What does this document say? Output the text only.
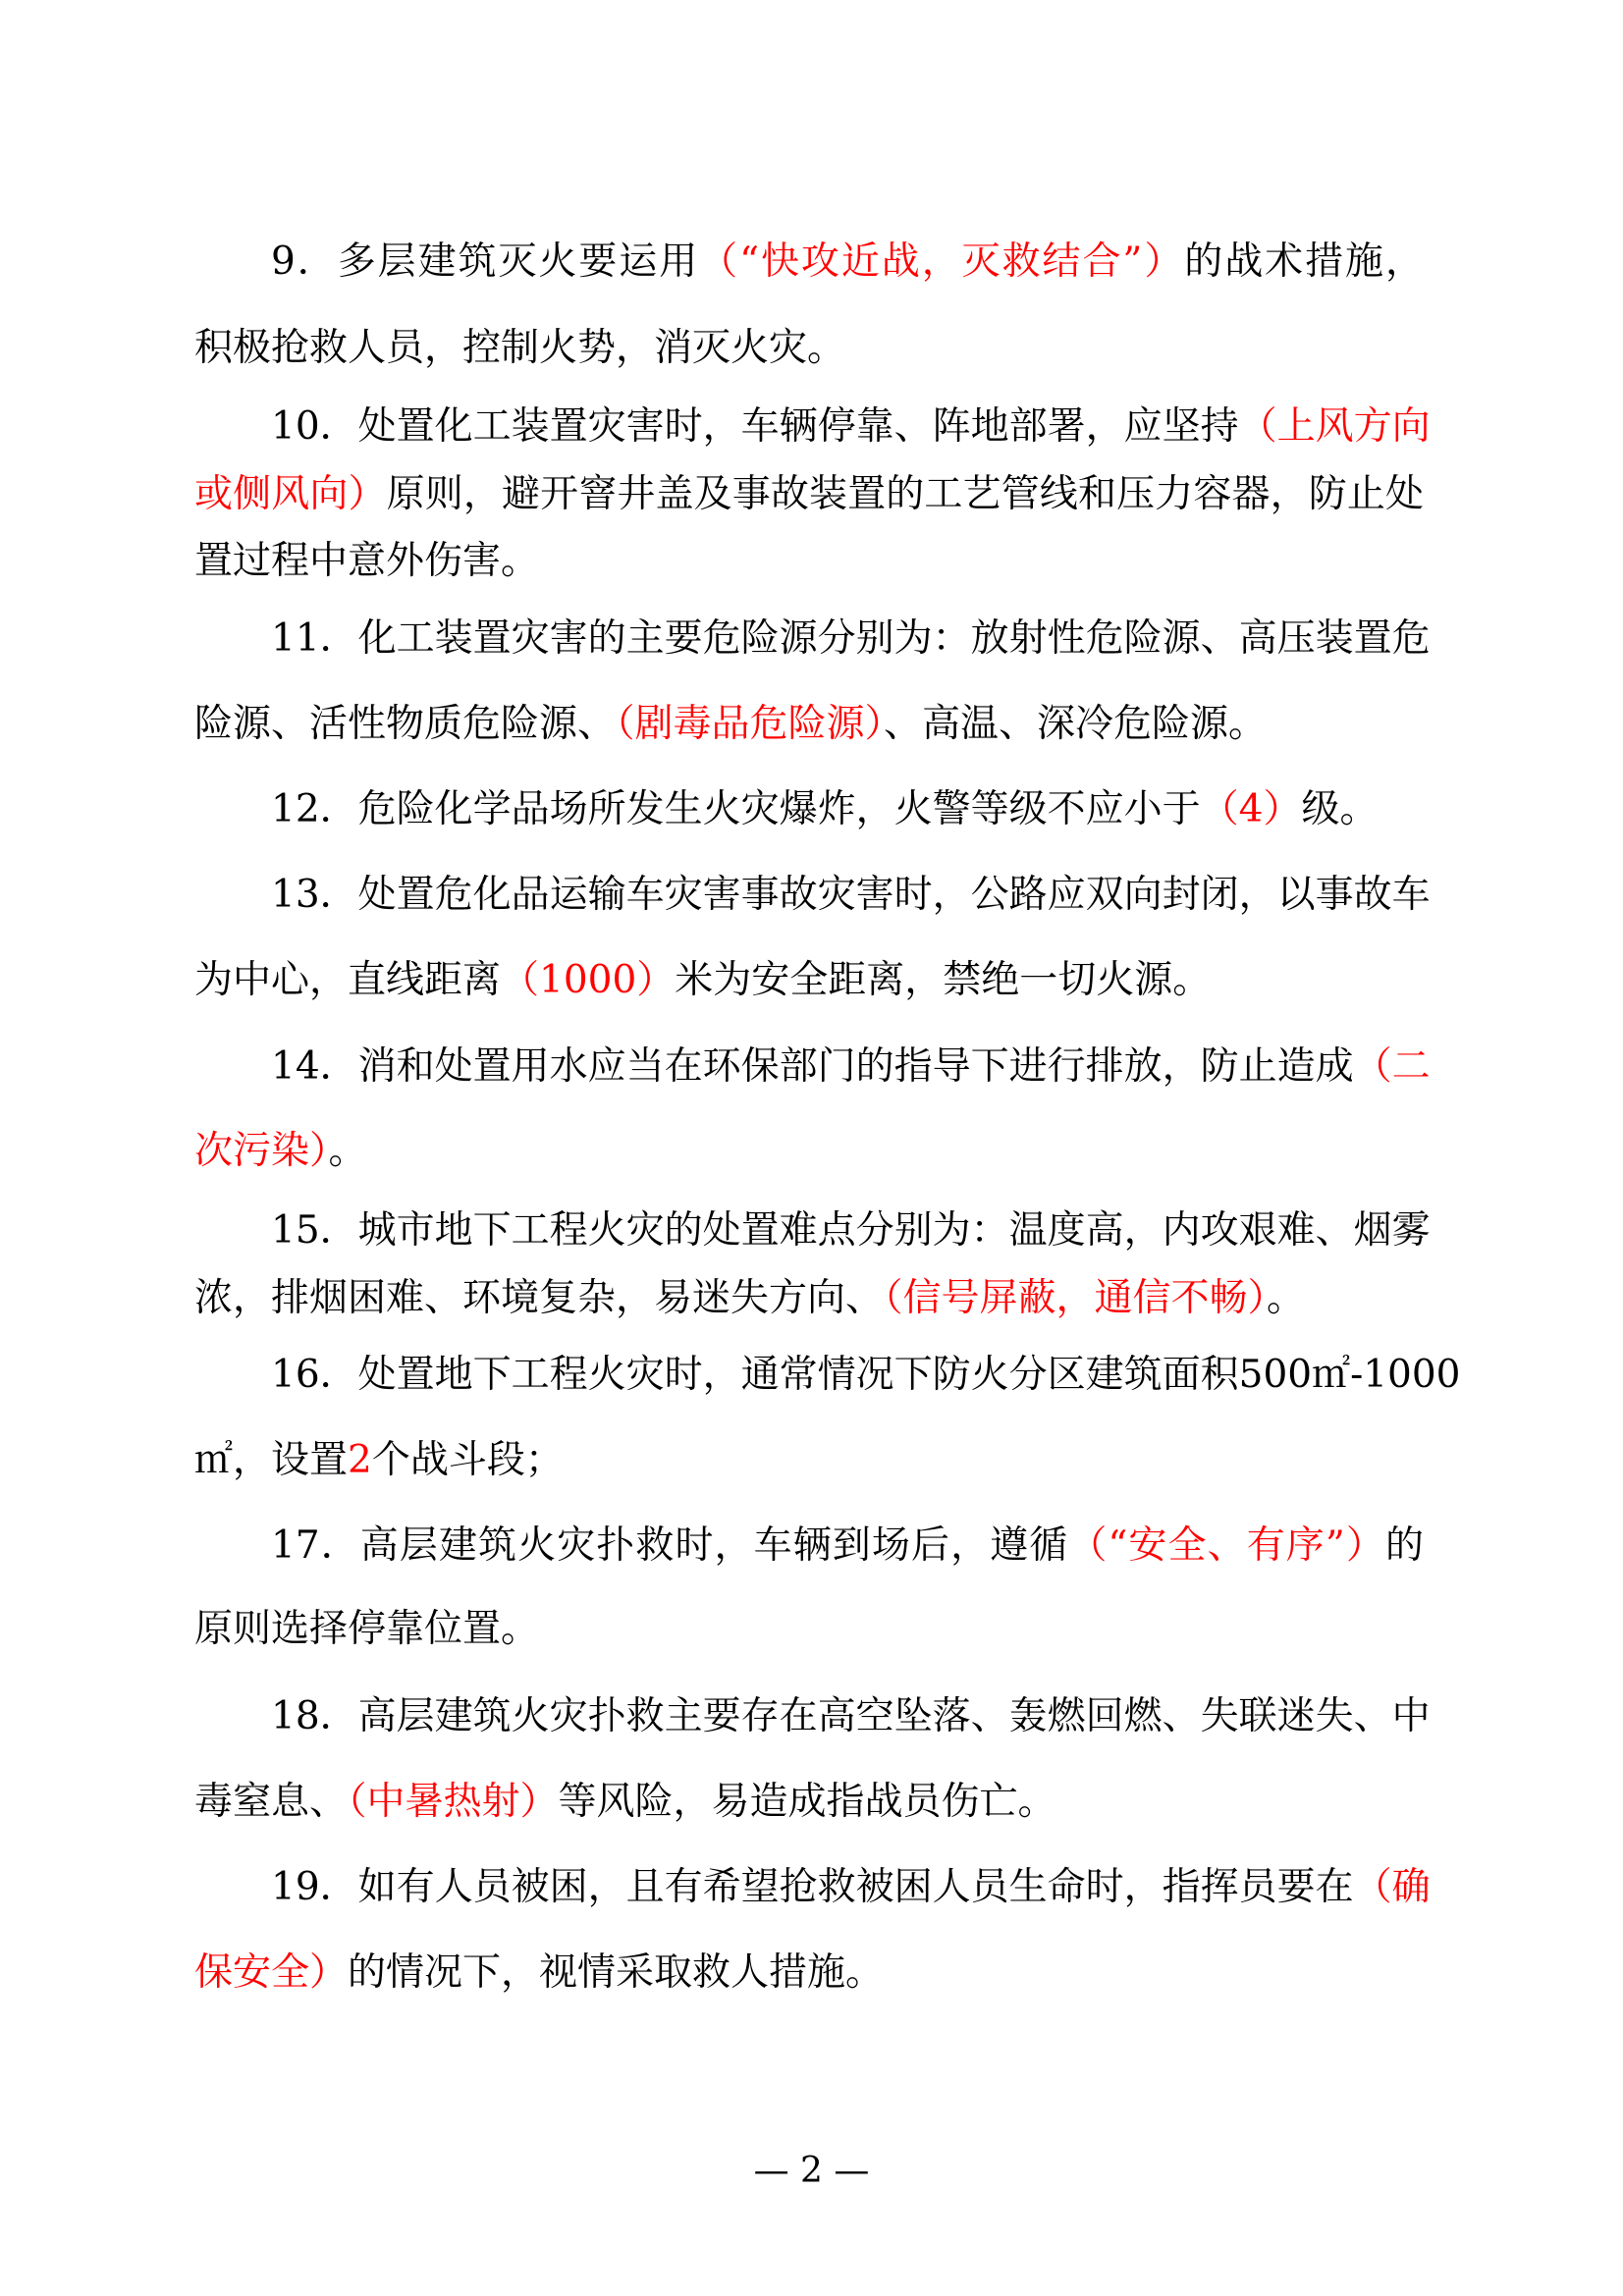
9．多层建筑灭火要运用（“快攻近战，灭救结合”）的战术措施，
积极抢救人员，控制火势，消灭火灾。
10．处置化工装置灾害时，车辆停靠、阵地部署，应坚持（上风方向
或侧风向）原则，避开窨井盖及事故装置的工艺管线和压力容器，防止处
置过程中意外伤害。
11．化工装置灾害的主要危险源分别为：放射性危险源、高压装置危
险源、活性物质危险源、（剧毒品危险源）、高温、深冷危险源。
12．危险化学品场所发生火灾爆炸，火警等级不应小于（4）级。
13．处置危化品运输车灾害事故灾害时，公路应双向封闭，以事故车
为中心，直线距离（1000）米为安全距离，禁绝一切火源。
14．消和处置用水应当在环保部门的指导下进行排放，防止造成（二
次污染）。
15．城市地下工程火灾的处置难点分别为：温度高，内攻艰难、烟雾
浓，排烟困难、环境复杂，易迷失方向、（信号屏蔽，通信不畅）。
16．处置地下工程火灾时，通常情况下防火分区建筑面积500㎡-1000
㎡，设置2个战斗段；
17．高层建筑火灾扑救时，车辆到场后，遵循（“安全、有序”）的
原则选择停靠位置。
18．高层建筑火灾扑救主要存在高空坠落、轰燃回燃、失联迷失、中
毒窒息、（中暑热射）等风险，易造成指战员伤亡。
19．如有人员被困，且有希望抢救被困人员生命时，指挥员要在（确
保安全）的情况下，视情采取救人措施。
— 2 —
